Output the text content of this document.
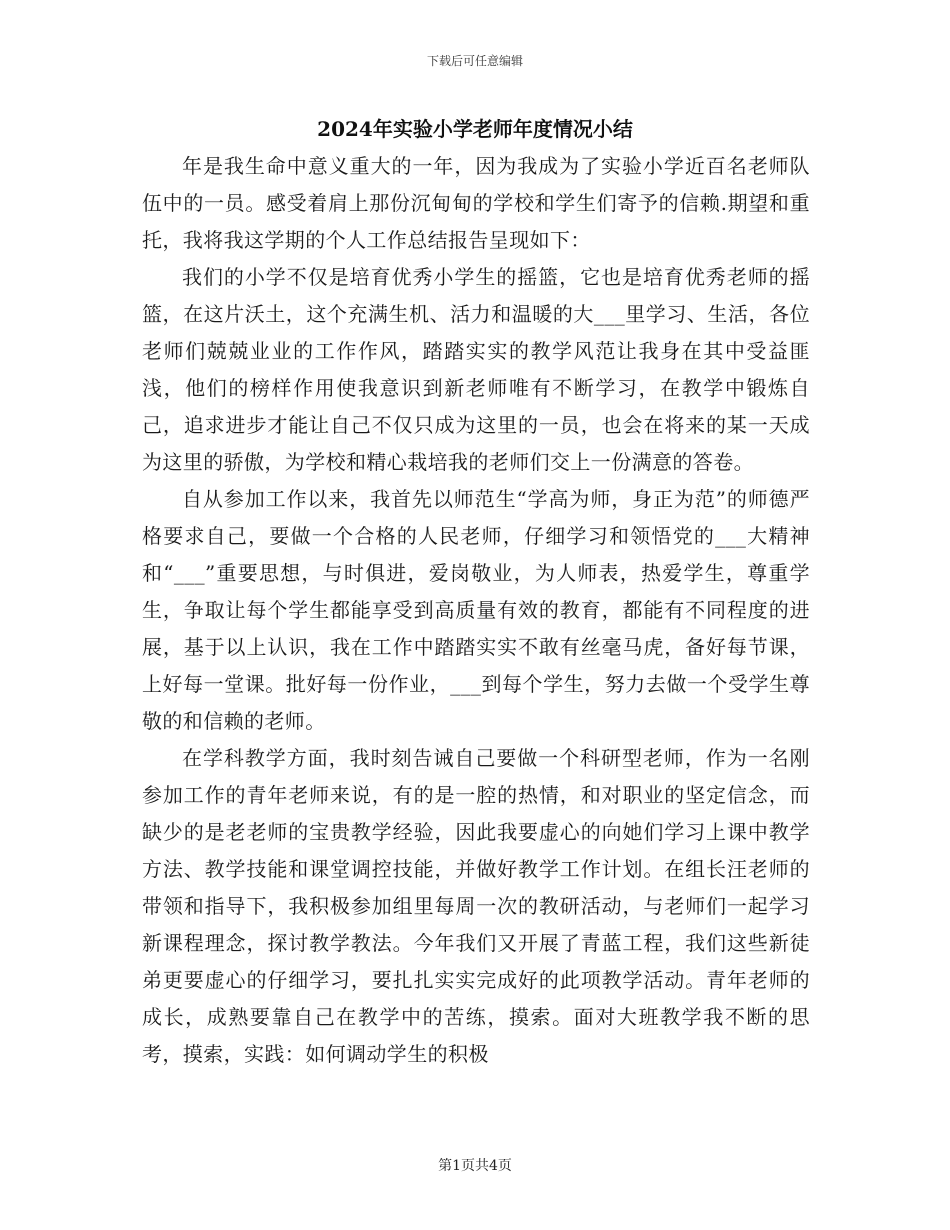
下载后可任意编辑
2024年实验小学老师年度情况小结

年是我生命中意义重大的一年，因为我成为了实验小学近百名老师队伍中的一员。感受着肩上那份沉甸甸的学校和学生们寄予的信赖.期望和重托，我将我这学期的个人工作总结报告呈现如下：

我们的小学不仅是培育优秀小学生的摇篮，它也是培育优秀老师的摇篮，在这片沃土，这个充满生机、活力和温暖的大___里学习、生活，各位老师们兢兢业业的工作作风，踏踏实实的教学风范让我身在其中受益匪浅，他们的榜样作用使我意识到新老师唯有不断学习，在教学中锻炼自己，追求进步才能让自己不仅只成为这里的一员，也会在将来的某一天成为这里的骄傲，为学校和精心栽培我的老师们交上一份满意的答卷。

自从参加工作以来，我首先以师范生“学高为师，身正为范”的师德严格要求自己，要做一个合格的人民老师，仔细学习和领悟党的___大精神和“___”重要思想，与时俱进，爱岗敬业，为人师表，热爱学生，尊重学生，争取让每个学生都能享受到高质量有效的教育，都能有不同程度的进展，基于以上认识，我在工作中踏踏实实不敢有丝毫马虎，备好每节课，上好每一堂课。批好每一份作业，___到每个学生，努力去做一个受学生尊敬的和信赖的老师。

在学科教学方面，我时刻告诫自己要做一个科研型老师，作为一名刚参加工作的青年老师来说，有的是一腔的热情，和对职业的坚定信念，而缺少的是老老师的宝贵教学经验，因此我要虚心的向她们学习上课中教学方法、教学技能和课堂调控技能，并做好教学工作计划。在组长汪老师的带领和指导下，我积极参加组里每周一次的教研活动，与老师们一起学习新课程理念，探讨教学教法。今年我们又开展了青蓝工程，我们这些新徒弟更要虚心的仔细学习，要扎扎实实完成好的此项教学活动。青年老师的成长，成熟要靠自己在教学中的苦练，摸索。面对大班教学我不断的思考，摸索，实践：如何调动学生的积极

第1页共4页
